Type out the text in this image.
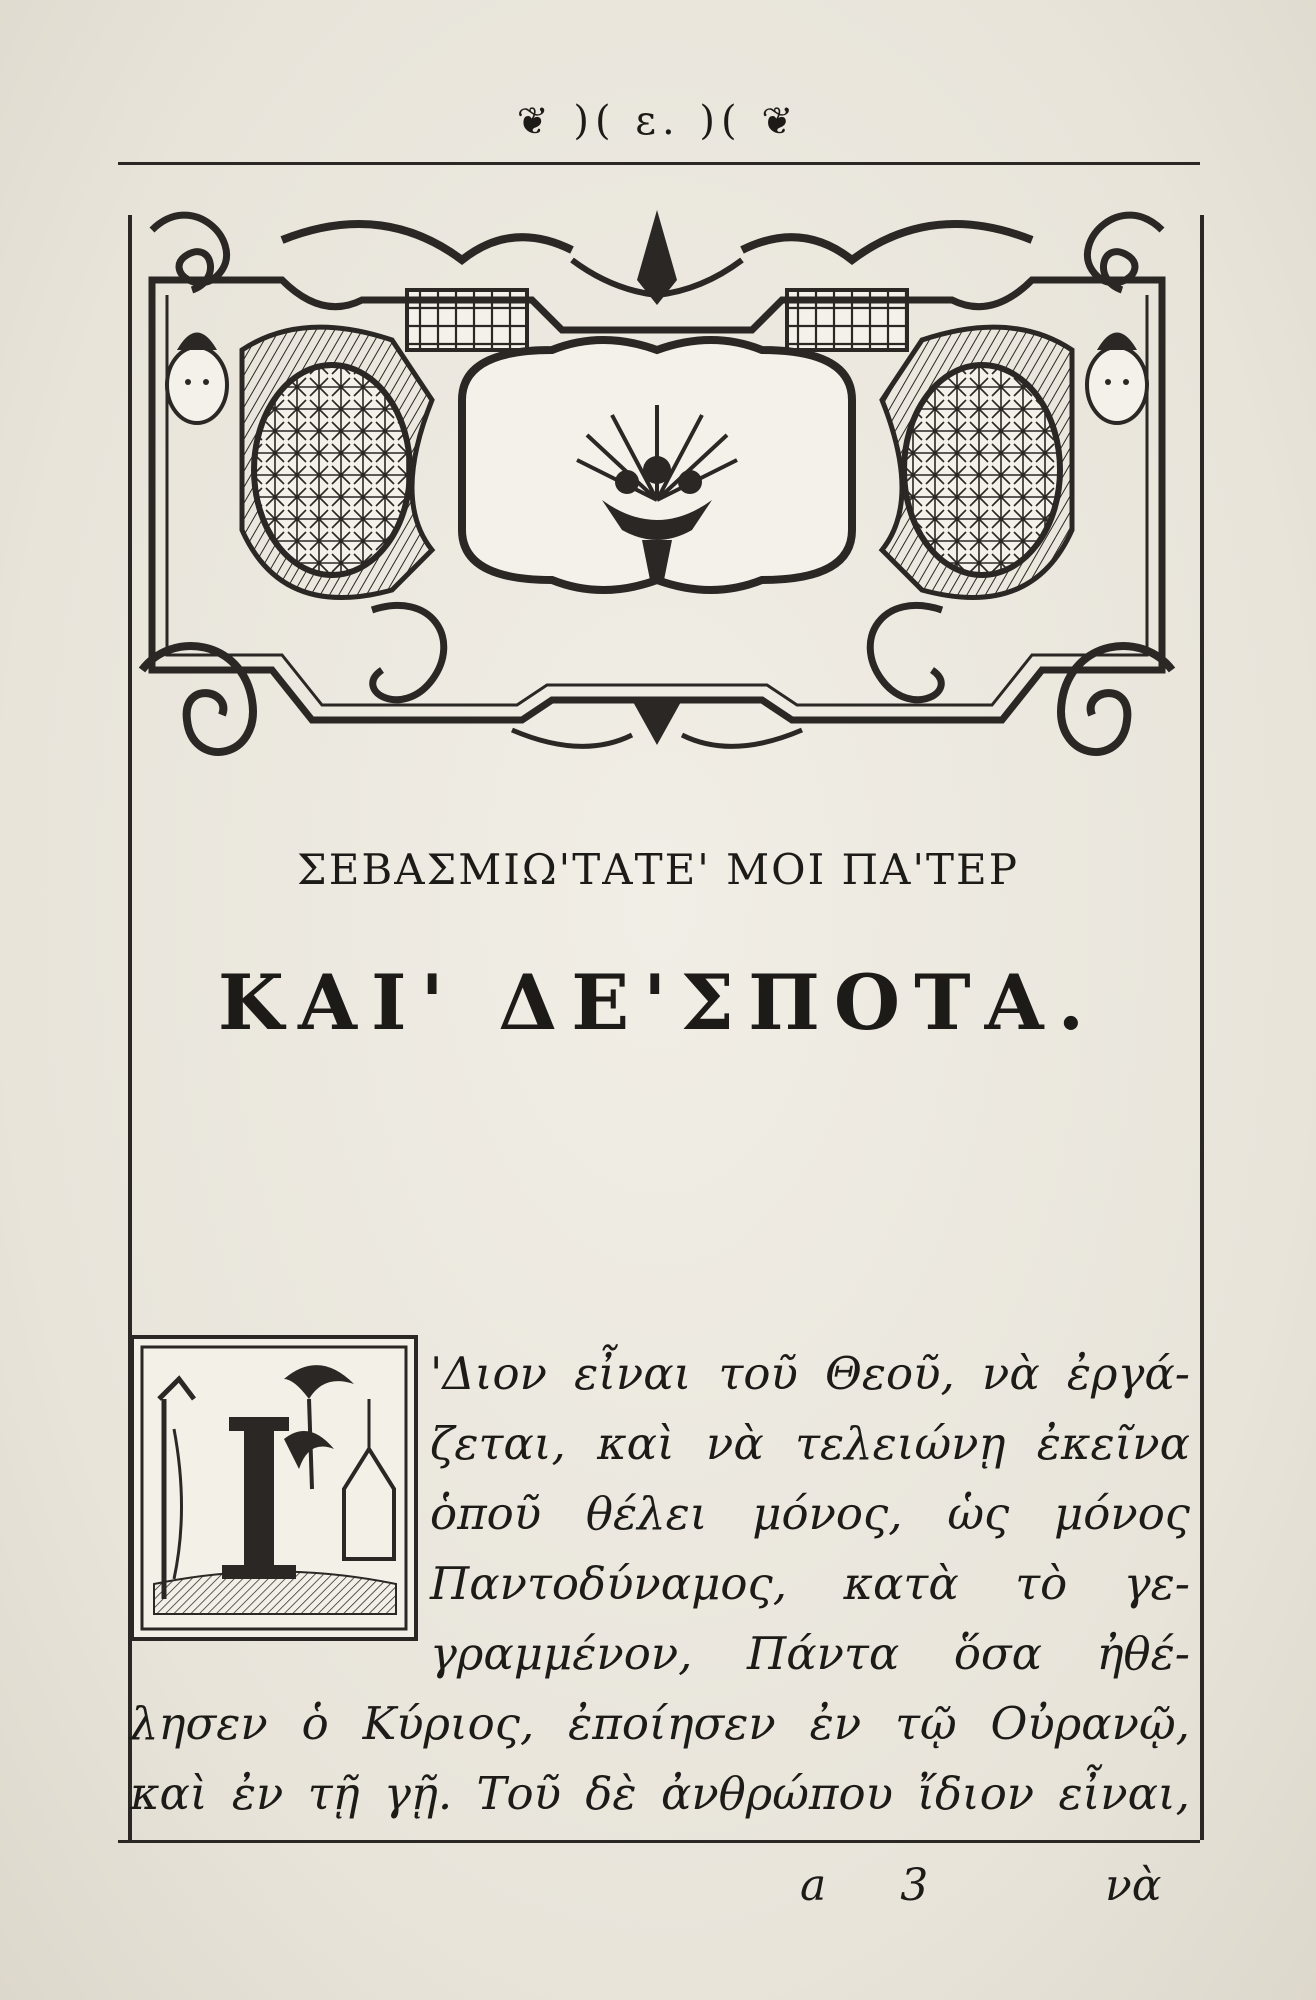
❦ )( ε. )( ❦
ΣΕΒΑΣΜΙΩ'ΤΑΤΕ' ΜΟΙ ΠΑ'ΤΕΡ
ΚΑΙ' ΔΕ'ΣΠΟΤΑ.
'Διον εἶναι τοῦ Θεοῦ, νὰ ἐργά-
ζεται, καὶ νὰ τελειώνῃ ἐκεῖνα
ὁποῦ θέλει μόνος, ὡς μόνος
Παντοδύναμος, κατὰ τὸ γε-
γραμμένον, Πάντα ὅσα ἠθέ-
λησεν ὁ Κύριος, ἐποίησεν ἐν τῷ Οὐρανῷ,
καὶ ἐν τῇ γῇ. Τοῦ δὲ ἀνθρώπου ἴδιον εἶναι,
a 3	νὰ
